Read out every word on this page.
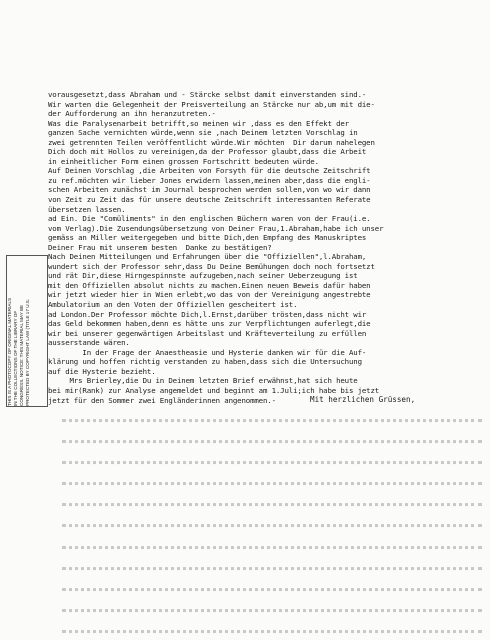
THIS IS A PHOTOCOPY OF ORIGINAL MATERIALS IN THE COLLECTIONS OF THE LIBRARY OF CONGRESS. NOTICE: THIS MATERIAL MAY BE PROTECTED BY COPYRIGHT LAW (TITLE 17 U.S.
vorausgesetzt,dass Abraham und - Stärcke selbst damit einverstanden sind.-
Wir warten die Gelegenheit der Preisverteilung an Stärcke nur ab,um mit die-
der Aufforderung an ihn heranzutreten.-
Was die Paralysenarbeit betrifft,so meinen wir ,dass es den Effekt der
ganzen Sache vernichten würde,wenn sie ,nach Deinem letzten Vorschlag in
zwei getrennten Teilen veröffentlicht würde.Wir möchten  Dir darum nahelegen
Dich doch mit Hollos zu vereinigen,da der Professor glaubt,dass die Arbeit
in einheitlicher Form einen grossen Fortschritt bedeuten würde.
Auf Deinen Vorschlag ,die Arbeiten von Forsyth für die deutsche Zeitschrift
zu ref.möchten wir lieber Jones erwidern lassen,meinen aber,dass die engli-
schen Arbeiten zunächst im Journal besprochen werden sollen,von wo wir dann
von Zeit zu Zeit das für unsere deutsche Zeitschrift interessanten Referate
übersetzen lassen.
ad Ein. Die "Comüliments" in den englischen Büchern waren von der Frau(i.e.
vom Verlag).Die Zusendungsübersetzung von Deiner Frau,1.Abraham,habe ich unser
gemäss an Miller weitergegeben und bitte Dich,den Empfang des Manuskriptes
Deiner Frau mit unserem besten  Danke zu bestätigen?
Nach Deinen Mitteilungen und Erfahrungen über die "Offiziellen",l.Abraham,
wundert sich der Professor sehr,dass Du Deine Bemühungen doch noch fortsetzt
und rät Dir,diese Hirngespinnste aufzugeben,nach seiner Ueberzeugung ist
mit den Offiziellen absolut nichts zu machen.Einen neuen Beweis dafür haben
wir jetzt wieder hier in Wien erlebt,wo das von der Vereinigung angestrebte
Ambulatorium an den Voten der Offiziellen gescheitert ist.
ad London.Der Professor möchte Dich,l.Ernst,darüber trösten,dass nicht wir
das Geld bekommen haben,denn es hätte uns zur Verpflichtungen auferlegt,die
wir bei unserer gegenwärtigen Arbeitslast und Kräfteverteilung zu erfüllen
ausserstande wären.
In der Frage der Anaestheasie und Hysterie danken wir für die Auf-
klärung und hoffen richtig verstanden zu haben,dass sich die Untersuchung
auf die Hysterie bezieht.
Mrs Brierley,die Du in Deinem letzten Brief erwähnst,hat sich heute
bei mir(Rank) zur Analyse angemeldet und beginnt am 1.Juli;ich habe bis jetzt
jetzt für den Sommer zwei Engländerinnen angenommen.-	Mit herzlichen Grüssen,
